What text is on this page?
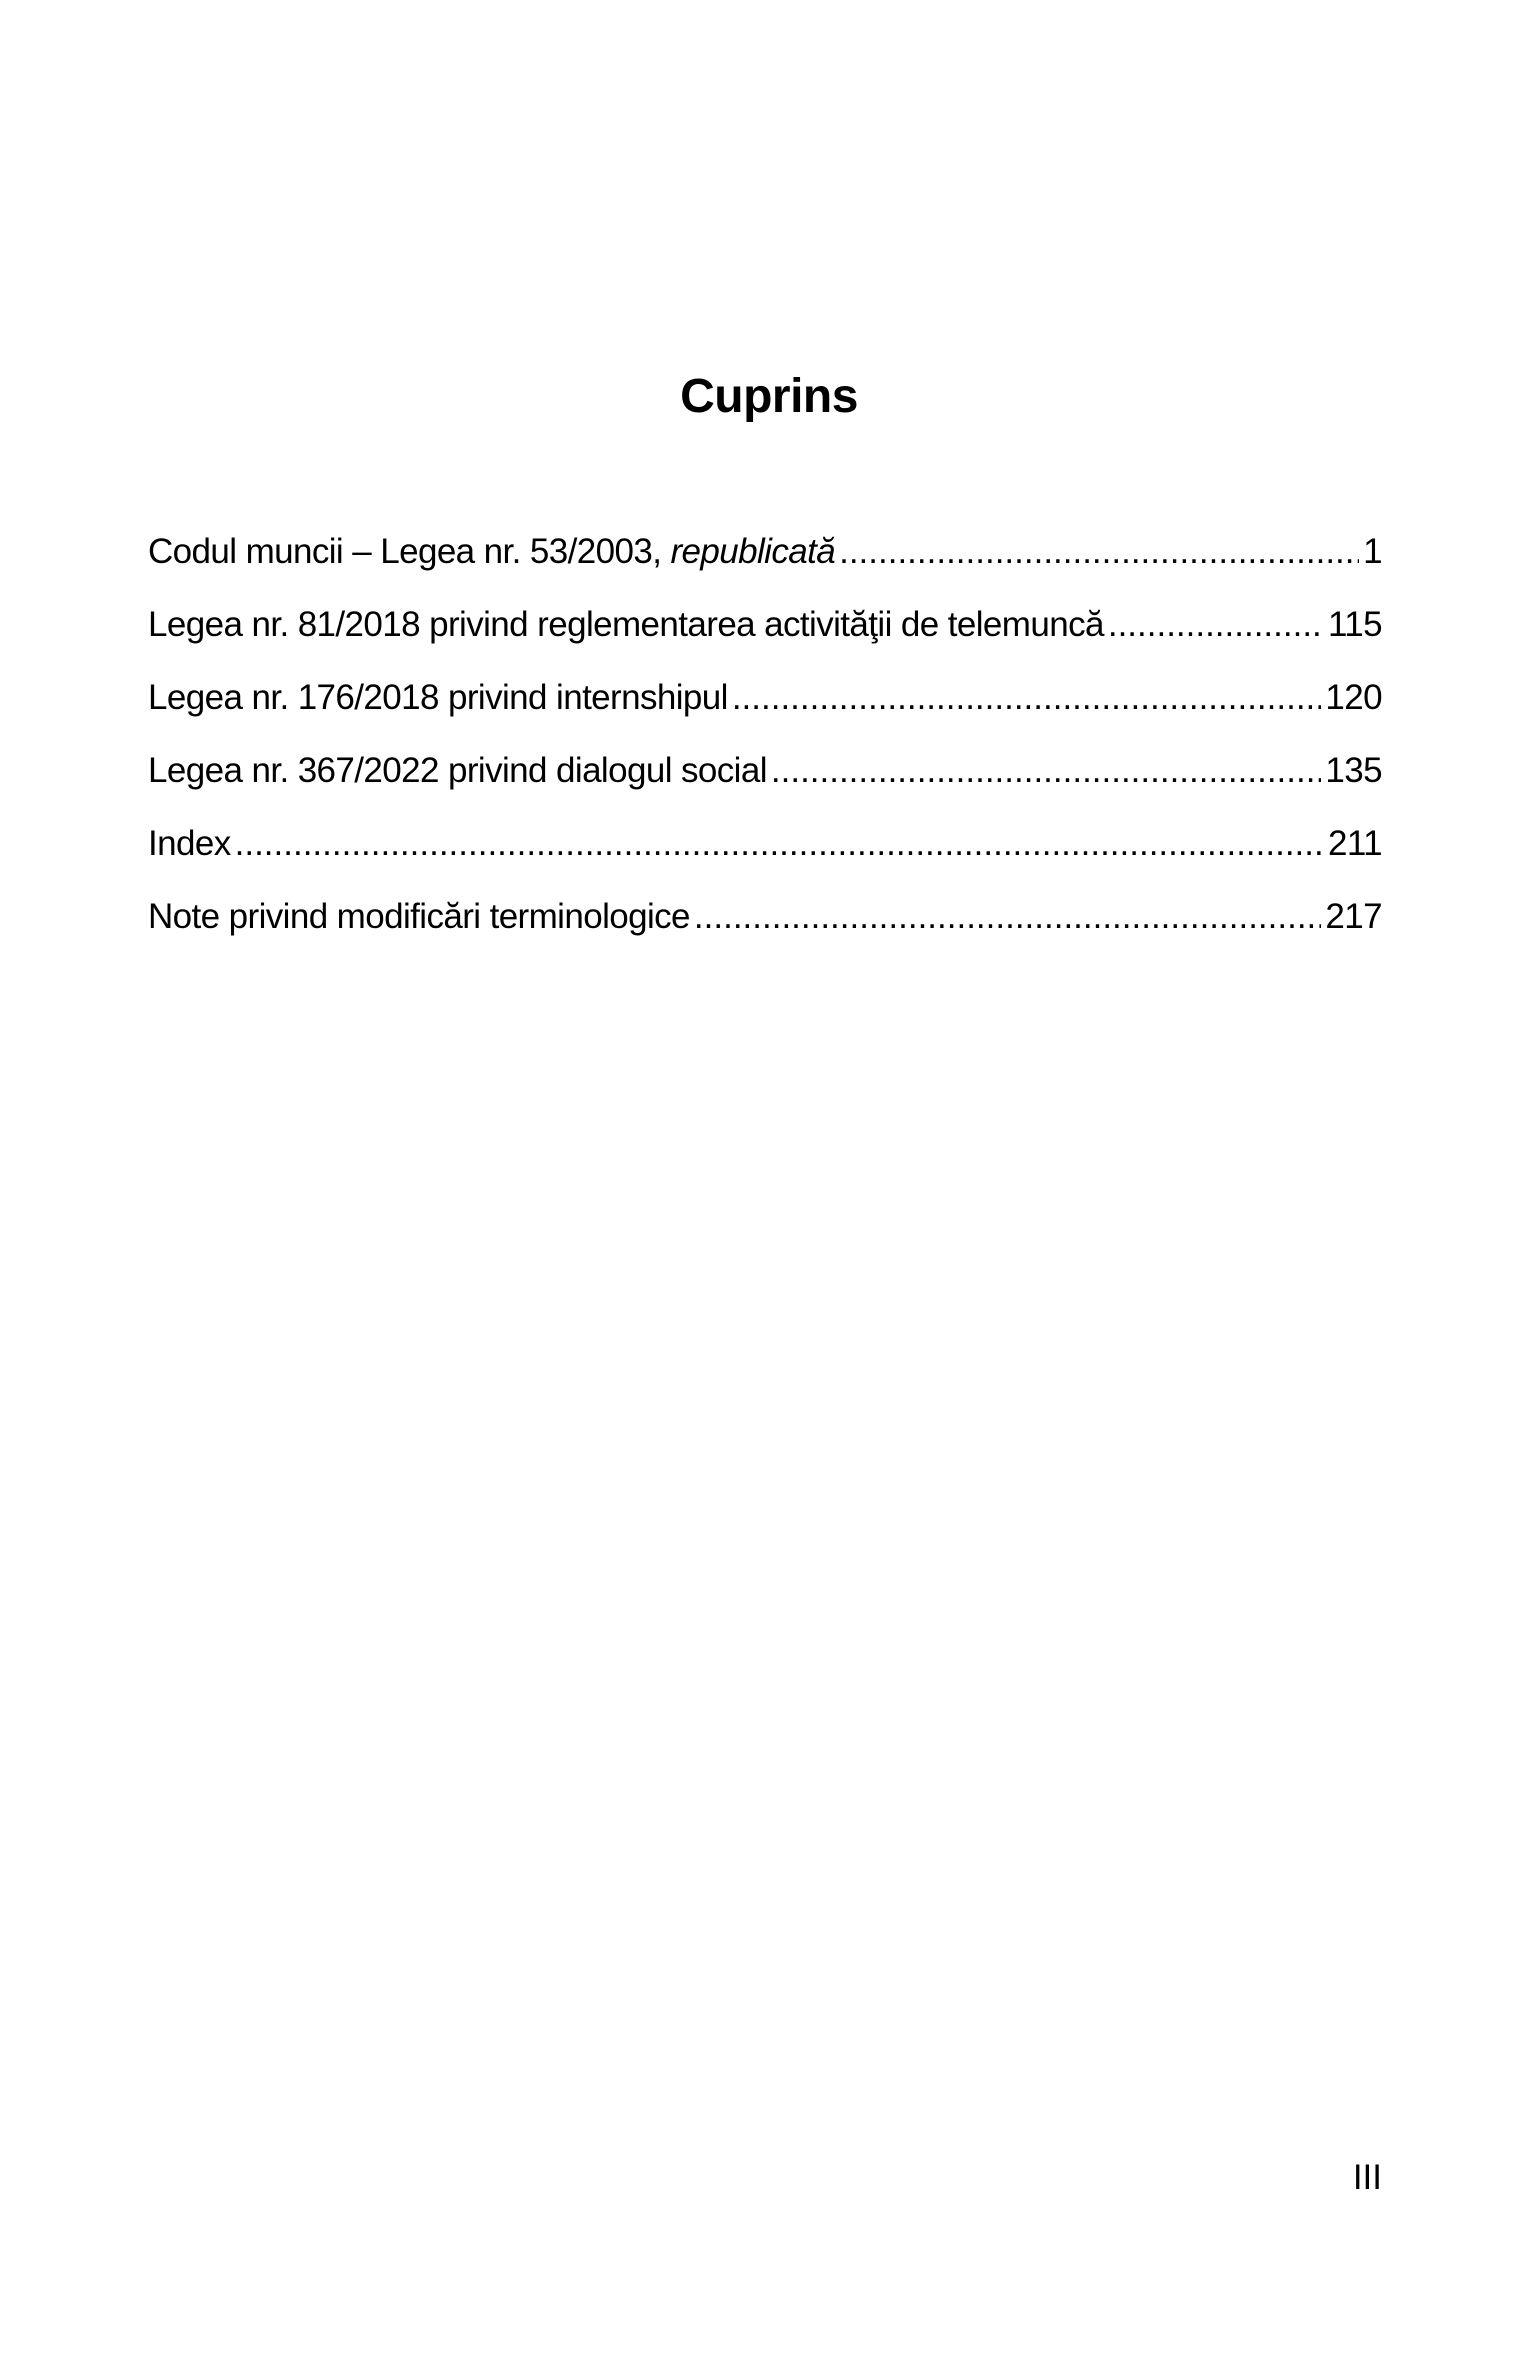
Cuprins
Codul muncii – Legea nr. 53/2003, republicată .....	1
Legea nr. 81/2018 privind reglementarea activităţii de telemuncă .....	115
Legea nr. 176/2018 privind internshipul .....	120
Legea nr. 367/2022 privind dialogul social .....	135
Index .....	211
Note privind modificări terminologice .....	217
III
